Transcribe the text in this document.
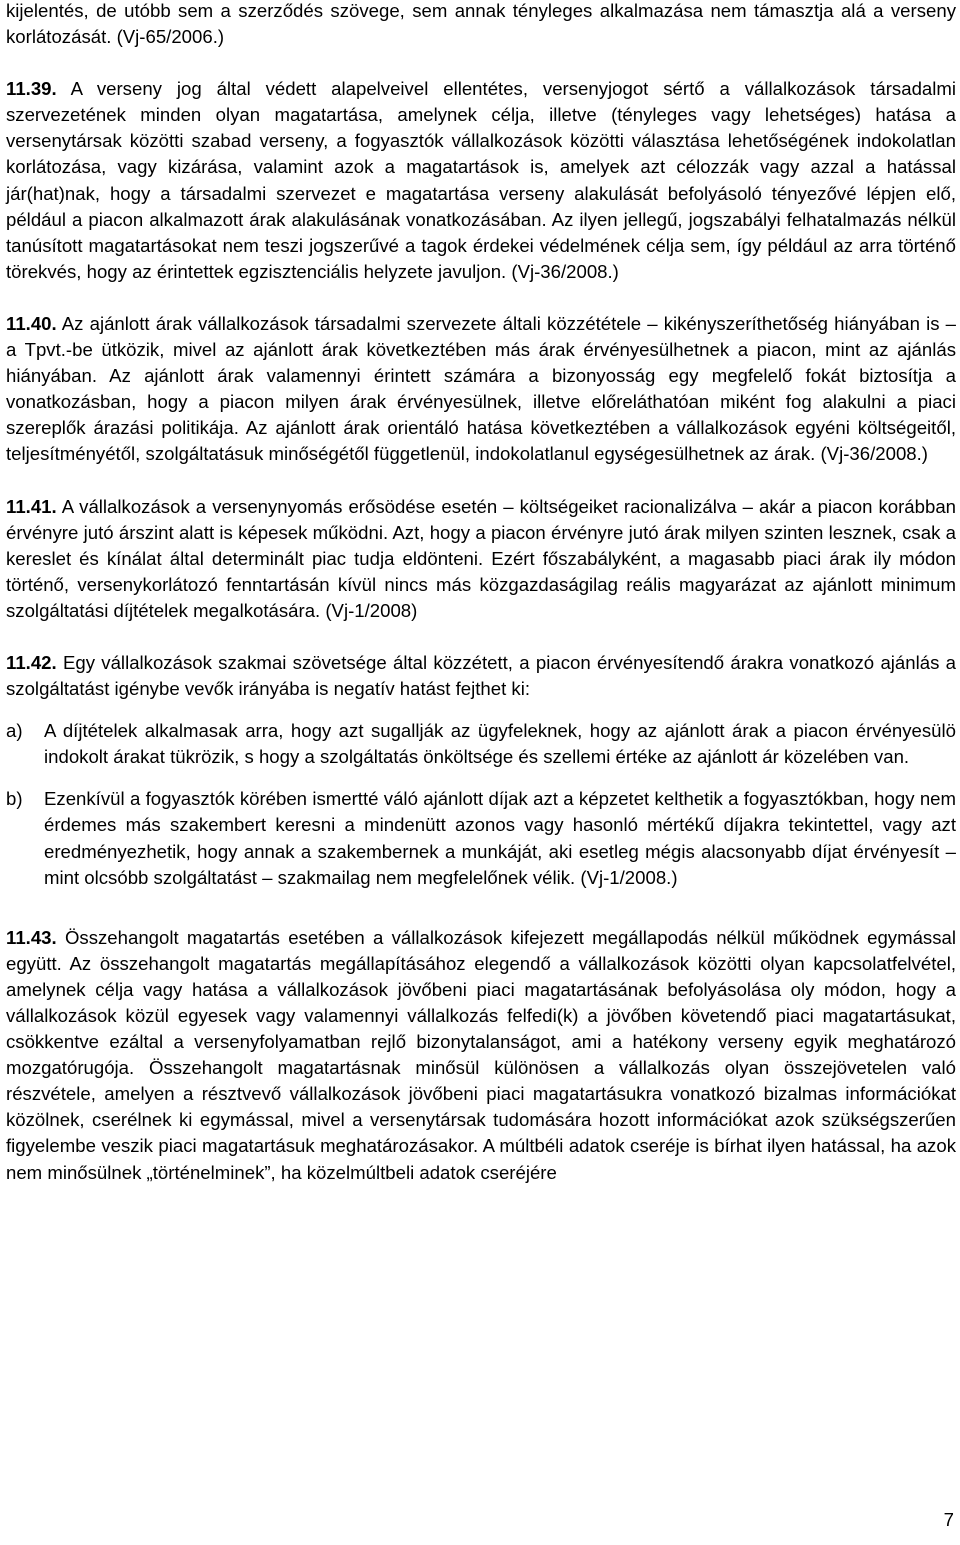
kijelentés, de utóbb sem a szerződés szövege, sem annak tényleges alkalmazása nem támasztja alá a verseny korlátozását. (Vj-65/2006.)

11.39. A verseny jog által védett alapelveivel ellentétes, versenyjogot sértő a vállalkozások társadalmi szervezetének minden olyan magatartása, amelynek célja, illetve (tényleges vagy lehetséges) hatása a versenytársak közötti szabad verseny, a fogyasztók vállalkozások közötti választása lehetőségének indokolatlan korlátozása, vagy kizárása, valamint azok a magatartások is, amelyek azt célozzák vagy azzal a hatással jár(hat)nak, hogy a társadalmi szervezet e magatartása verseny alakulását befolyásoló tényezővé lépjen elő, például a piacon alkalmazott árak alakulásának vonatkozásában. Az ilyen jellegű, jogszabályi felhatalmazás nélkül tanúsított magatartásokat nem teszi jogszerűvé a tagok érdekei védelmének célja sem, így például az arra történő törekvés, hogy az érintettek egzisztenciális helyzete javuljon. (Vj-36/2008.)

11.40. Az ajánlott árak vállalkozások társadalmi szervezete általi közzététele – kikényszeríthetőség hiányában is – a Tpvt.-be ütközik, mivel az ajánlott árak következtében más árak érvényesülhetnek a piacon, mint az ajánlás hiányában. Az ajánlott árak valamennyi érintett számára a bizonyosság egy megfelelő fokát biztosítja a vonatkozásban, hogy a piacon milyen árak érvényesülnek, illetve előreláthatóan miként fog alakulni a piaci szereplők árazási politikája. Az ajánlott árak orientáló hatása következtében a vállalkozások egyéni költségeitől, teljesítményétől, szolgáltatásuk minőségétől függetlenül, indokolatlanul egységesülhetnek az árak. (Vj-36/2008.)

11.41. A vállalkozások a versenynyomás erősödése esetén – költségeiket racionalizálva – akár a piacon korábban érvényre jutó árszint alatt is képesek működni. Azt, hogy a piacon érvényre jutó árak milyen szinten lesznek, csak a kereslet és kínálat által determinált piac tudja eldönteni. Ezért főszabályként, a magasabb piaci árak ily módon történő, versenykorlátozó fenntartásán kívül nincs más közgazdaságilag reális magyarázat az ajánlott minimum szolgáltatási díjtételek megalkotására. (Vj-1/2008)

11.42. Egy vállalkozások szakmai szövetsége által közzétett, a piacon érvényesítendő árakra vonatkozó ajánlás a szolgáltatást igénybe vevők irányába is negatív hatást fejthet ki:

a)	A díjtételek alkalmasak arra, hogy azt sugallják az ügyfeleknek, hogy az ajánlott árak a piacon érvényesülö indokolt árakat tükrözik, s hogy a szolgáltatás önköltsége és szellemi értéke az ajánlott ár közelében van.

b)	Ezenkívül a fogyasztók körében ismertté váló ajánlott díjak azt a képzetet kelthetik a fogyasztókban, hogy nem érdemes más szakembert keresni a mindenütt azonos vagy hasonló mértékű díjakra tekintettel, vagy azt eredményezhetik, hogy annak a szakembernek a munkáját, aki esetleg mégis alacsonyabb díjat érvényesít – mint olcsóbb szolgáltatást – szakmailag nem megfelelőnek vélik. (Vj-1/2008.)

11.43. Összehangolt magatartás esetében a vállalkozások kifejezett megállapodás nélkül működnek egymással együtt. Az összehangolt magatartás megállapításához elegendő a vállalkozások közötti olyan kapcsolatfelvétel, amelynek célja vagy hatása a vállalkozások jövőbeni piaci magatartásának befolyásolása oly módon, hogy a vállalkozások közül egyesek vagy valamennyi vállalkozás felfedi(k) a jövőben követendő piaci magatartásukat, csökkentve ezáltal a versenyfolyamatban rejlő bizonytalanságot, ami a hatékony verseny egyik meghatározó mozgatórugója. Összehangolt magatartásnak minősül különösen a vállalkozás olyan összejövetelen való részvétele, amelyen a résztvevő vállalkozások jövőbeni piaci magatartásukra vonatkozó bizalmas információkat közölnek, cserélnek ki egymással, mivel a versenytársak tudomására hozott információkat azok szükségszerűen figyelembe veszik piaci magatartásuk meghatározásakor. A múltbéli adatok cseréje is bírhat ilyen hatással, ha azok nem minősülnek „történelminek”, ha közelmúltbeli adatok cseréjére

7
